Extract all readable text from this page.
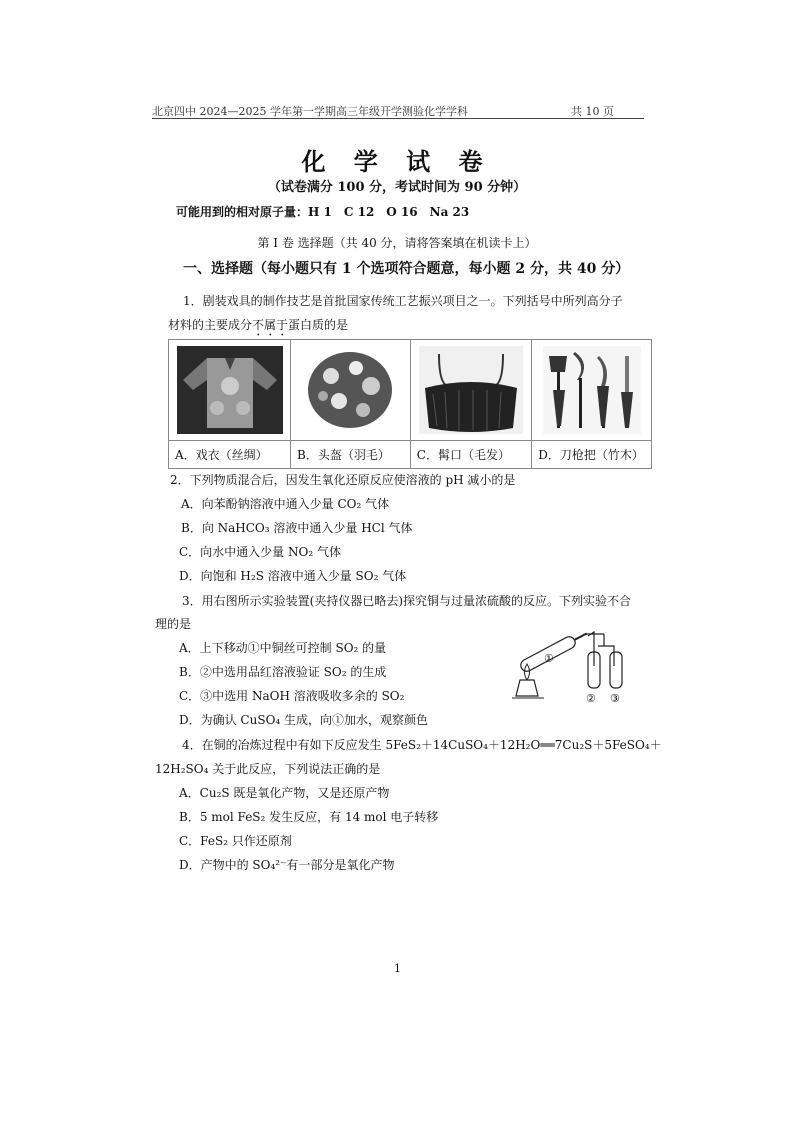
北京四中 2024—2025 学年第一学期高三年级开学测验化学学科	共 10 页
化 学 试 卷
（试卷满分 100 分，考试时间为 90 分钟）
可能用到的相对原子量：H 1　C 12　O 16　Na 23
第 I 卷 选择题（共 40 分，请将答案填在机读卡上）
一、选择题（每小题只有 1 个选项符合题意，每小题 2 分，共 40 分）
1．剧装戏具的制作技艺是首批国家传统工艺振兴项目之一。下列括号中所列高分子
材料的主要成分不属于蛋白质的是

A．戏衣（丝绸）	B．头盔（羽毛）	C．髯口（毛发）	D．刀枪把（竹木）
2．下列物质混合后，因发生氧化还原反应使溶液的 pH 减小的是
A．向苯酚钠溶液中通入少量 CO₂ 气体
B．向 NaHCO₃ 溶液中通入少量 HCl 气体
C．向水中通入少量 NO₂ 气体
D．向饱和 H₂S 溶液中通入少量 SO₂ 气体
3．用右图所示实验装置(夹持仪器已略去)探究铜与过量浓硫酸的反应。下列实验不合
理的是
A．上下移动①中铜丝可控制 SO₂ 的量
B．②中选用品红溶液验证 SO₂ 的生成
C．③中选用 NaOH 溶液吸收多余的 SO₂
D．为确认 CuSO₄ 生成，向①加水，观察颜色
①
② ③
4．在铜的冶炼过程中有如下反应发生 5FeS₂＋14CuSO₄＋12H₂O══7Cu₂S＋5FeSO₄＋
12H₂SO₄ 关于此反应，下列说法正确的是
A．Cu₂S 既是氧化产物，又是还原产物
B．5 mol FeS₂ 发生反应，有 14 mol 电子转移
C．FeS₂ 只作还原剂
D．产物中的 SO₄²⁻有一部分是氧化产物
1
